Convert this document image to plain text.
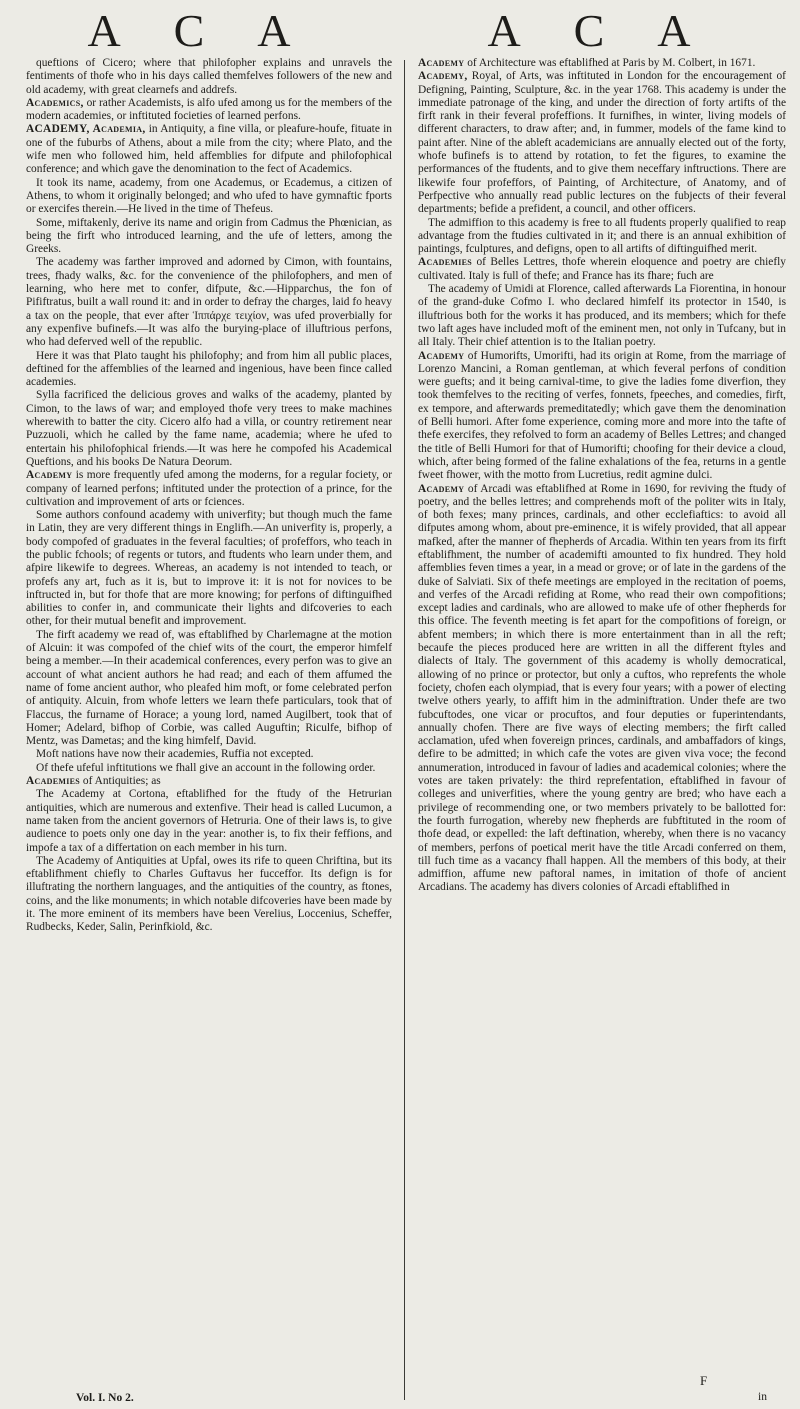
A C A	A C A

queftions of Cicero; where that philofopher explains and unravels the fentiments of thofe who in his days called themfelves followers of the new and old academy, with great clearnefs and addrefs.

Academics, or rather Academists, is alfo ufed among us for the members of the modern academies, or inftituted focieties of learned perfons.

ACADEMY, Academia, in Antiquity, a fine villa, or pleafure-houfe, fituate in one of the fuburbs of Athens, about a mile from the city; where Plato, and the wife men who followed him, held affemblies for difpute and philofophical conference; and which gave the denomination to the fect of Academics.

It took its name, academy, from one Academus, or Ecademus, a citizen of Athens, to whom it originally belonged; and who ufed to have gymnaftic fports or exercifes therein.—He lived in the time of Thefeus.

Some, miftakenly, derive its name and origin from Cadmus the Phœnician, as being the firft who introduced learning, and the ufe of letters, among the Greeks.

The academy was farther improved and adorned by Cimon, with fountains, trees, fhady walks, &c. for the convenience of the philofophers, and men of learning, who here met to confer, difpute, &c.—Hipparchus, the fon of Pififtratus, built a wall round it: and in order to defray the charges, laid fo heavy a tax on the people, that ever after Ἱππάρχε τειχίον, was ufed proverbially for any expenfive bufinefs.—It was alfo the burying-place of illuftrious perfons, who had deferved well of the republic.

Here it was that Plato taught his philofophy; and from him all public places, deftined for the affemblies of the learned and ingenious, have been fince called academies.

Sylla facrificed the delicious groves and walks of the academy, planted by Cimon, to the laws of war; and employed thofe very trees to make machines wherewith to batter the city. Cicero alfo had a villa, or country retirement near Puzzuoli, which he called by the fame name, academia; where he ufed to entertain his philofophical friends.—It was here he compofed his Academical Queftions, and his books De Natura Deorum.

Academy is more frequently ufed among the moderns, for a regular fociety, or company of learned perfons; inftituted under the protection of a prince, for the cultivation and improvement of arts or fciences.

Some authors confound academy with univerfity; but though much the fame in Latin, they are very different things in Englifh.—An univerfity is, properly, a body compofed of graduates in the feveral faculties; of profeffors, who teach in the public fchools; of regents or tutors, and ftudents who learn under them, and afpire likewife to degrees. Whereas, an academy is not intended to teach, or profefs any art, fuch as it is, but to improve it: it is not for novices to be inftructed in, but for thofe that are more knowing; for perfons of diftinguifhed abilities to confer in, and communicate their lights and difcoveries to each other, for their mutual benefit and improvement.

The firft academy we read of, was eftablifhed by Charlemagne at the motion of Alcuin: it was compofed of the chief wits of the court, the emperor himfelf being a member.—In their academical conferences, every perfon was to give an account of what ancient authors he had read; and each of them affumed the name of fome ancient author, who pleafed him moft, or fome celebrated perfon of antiquity. Alcuin, from whofe letters we learn thefe particulars, took that of Flaccus, the furname of Horace; a young lord, named Augilbert, took that of Homer; Adelard, bifhop of Corbie, was called Auguftin; Riculfe, bifhop of Mentz, was Dametas; and the king himfelf, David.

Moft nations have now their academies, Ruffia not excepted.

Of thefe ufeful inftitutions we fhall give an account in the following order.

Academies of Antiquities; as

The Academy at Cortona, eftablifhed for the ftudy of the Hetrurian antiquities, which are numerous and extenfive. Their head is called Lucumon, a name taken from the ancient governors of Hetruria. One of their laws is, to give audience to poets only one day in the year: another is, to fix their feffions, and impofe a tax of a differtation on each member in his turn.

The Academy of Antiquities at Upfal, owes its rife to queen Chriftina, but its eftablifhment chiefly to Charles Guftavus her fucceffor. Its defign is for illuftrating the northern languages, and the antiquities of the country, as ftones, coins, and the like monuments; in which notable difcoveries have been made by it. The more eminent of its members have been Verelius, Loccenius, Scheffer, Rudbecks, Keder, Salin, Perinfkiold, &c.

Academy of Architecture was eftablifhed at Paris by M. Colbert, in 1671.

Academy, Royal, of Arts, was inftituted in London for the encouragement of Defigning, Painting, Sculpture, &c. in the year 1768. This academy is under the immediate patronage of the king, and under the direction of forty artifts of the firft rank in their feveral profeffions. It furnifhes, in winter, living models of different characters, to draw after; and, in fummer, models of the fame kind to paint after. Nine of the ableft academicians are annually elected out of the forty, whofe bufinefs is to attend by rotation, to fet the figures, to examine the performances of the ftudents, and to give them neceffary inftructions. There are likewife four profeffors, of Painting, of Architecture, of Anatomy, and of Perfpective who annually read public lectures on the fubjects of their feveral departments; befide a prefident, a council, and other officers.

The admiffion to this academy is free to all ftudents properly qualified to reap advantage from the ftudies cultivated in it; and there is an annual exhibition of paintings, fculptures, and defigns, open to all artifts of diftinguifhed merit.

Academies of Belles Lettres, thofe wherein eloquence and poetry are chiefly cultivated. Italy is full of thefe; and France has its fhare; fuch are

The academy of Umidi at Florence, called afterwards La Fiorentina, in honour of the grand-duke Cofmo I. who declared himfelf its protector in 1540, is illuftrious both for the works it has produced, and its members; which for thefe two laft ages have included moft of the eminent men, not only in Tufcany, but in all Italy. Their chief attention is to the Italian poetry.

Academy of Humorifts, Umorifti, had its origin at Rome, from the marriage of Lorenzo Mancini, a Roman gentleman, at which feveral perfons of condition were guefts; and it being carnival-time, to give the ladies fome diverfion, they took themfelves to the reciting of verfes, fonnets, fpeeches, and comedies, firft, ex tempore, and afterwards premeditatedly; which gave them the denomination of Belli humori. After fome experience, coming more and more into the tafte of thefe exercifes, they refolved to form an academy of Belles Lettres; and changed the title of Belli Humori for that of Humorifti; choofing for their device a cloud, which, after being formed of the faline exhalations of the fea, returns in a gentle fweet fhower, with the motto from Lucretius, redit agmine dulci.

Academy of Arcadi was eftablifhed at Rome in 1690, for reviving the ftudy of poetry, and the belles lettres; and comprehends moft of the politer wits in Italy, of both fexes; many princes, cardinals, and other ecclefiaftics: to avoid all difputes among whom, about pre-eminence, it is wifely provided, that all appear mafked, after the manner of fhepherds of Arcadia. Within ten years from its firft eftablifhment, the number of academifti amounted to fix hundred. They hold affemblies feven times a year, in a mead or grove; or of late in the gardens of the duke of Salviati. Six of thefe meetings are employed in the recitation of poems, and verfes of the Arcadi refiding at Rome, who read their own compofitions; except ladies and cardinals, who are allowed to make ufe of other fhepherds for this office. The feventh meeting is fet apart for the compofitions of foreign, or abfent members; in which there is more entertainment than in all the reft; becaufe the pieces produced here are written in all the different ftyles and dialects of Italy. The government of this academy is wholly democratical, allowing of no prince or protector, but only a cuftos, who reprefents the whole fociety, chofen each olympiad, that is every four years; with a power of electing twelve others yearly, to affift him in the adminiftration. Under thefe are two fubcuftodes, one vicar or procuftos, and four deputies or fuperintendants, annually chofen. There are five ways of electing members; the firft called acclamation, ufed when fovereign princes, cardinals, and ambaffadors of kings, defire to be admitted; in which cafe the votes are given viva voce; the fecond annumeration, introduced in favour of ladies and academical colonies; where the votes are taken privately: the third reprefentation, eftablifhed in favour of colleges and univerfities, where the young gentry are bred; who have each a privilege of recommending one, or two members privately to be ballotted for: the fourth furrogation, whereby new fhepherds are fubftituted in the room of thofe dead, or expelled: the laft deftination, whereby, when there is no vacancy of members, perfons of poetical merit have the title Arcadi conferred on them, till fuch time as a vacancy fhall happen. All the members of this body, at their admiffion, affume new paftoral names, in imitation of thofe of ancient Arcadians. The academy has divers colonies of Arcadi eftablifhed in

Vol. I. No 2.
F
in
